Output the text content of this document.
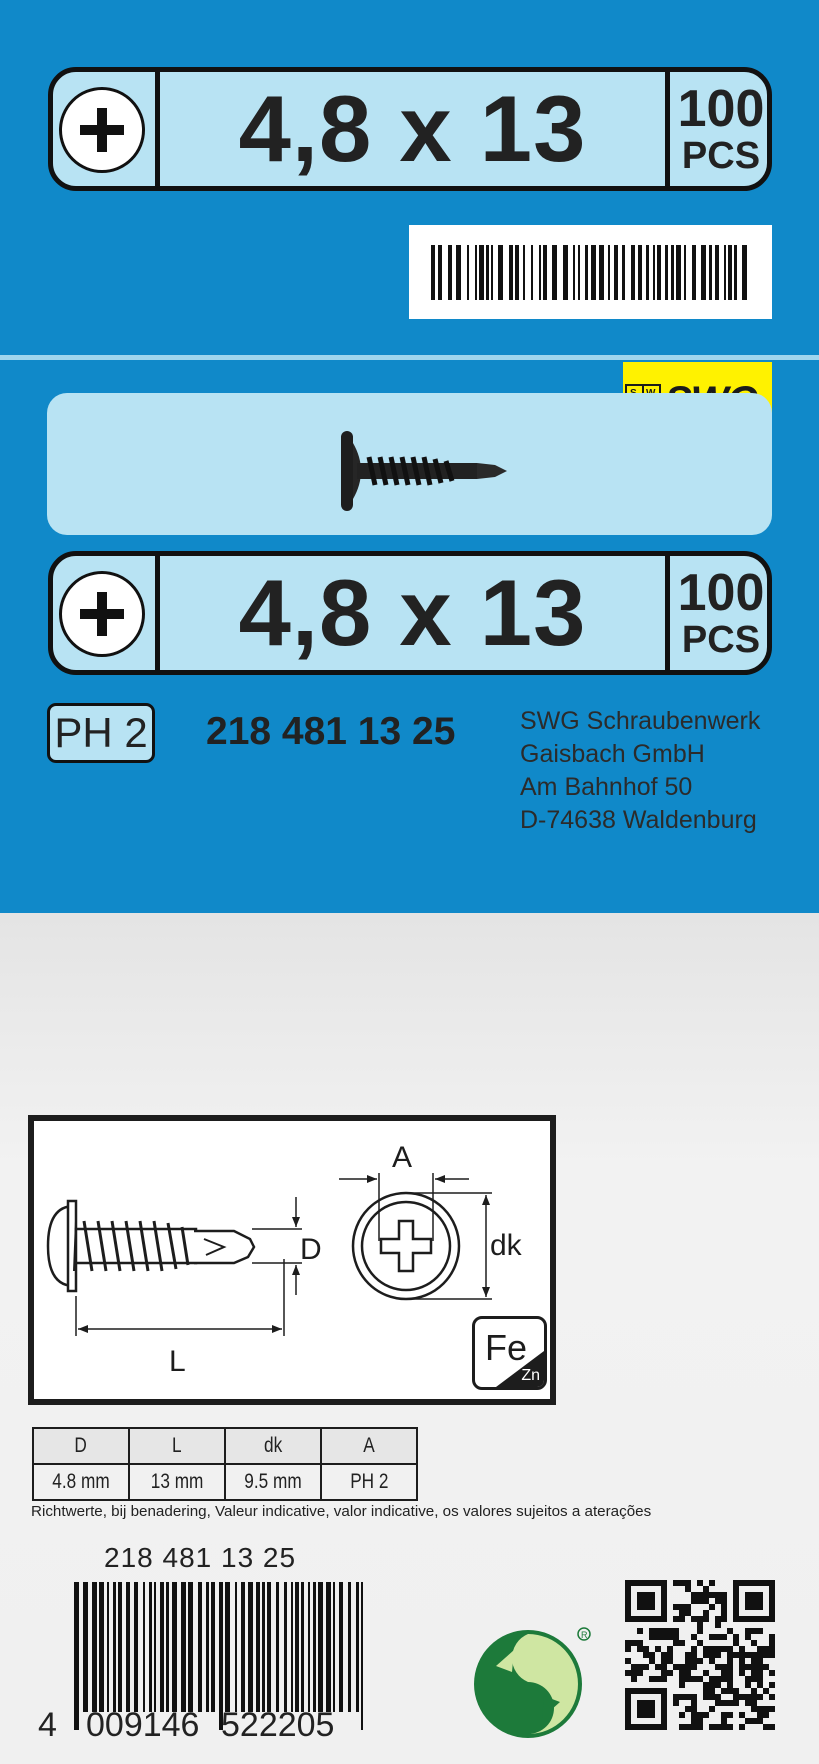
4,8 x 13	100
PCS
4,8 x 13	100
PCS
PH 2 218 481 13 25	SWG Schraubenwerk
Gaisbach GmbH
Am Bahnhof 50
D-74638 Waldenburg
L
D
A
dk
Fe
Zn
D	L	dk	A
4.8 mm	13 mm	9.5 mm	PH 2
Richtwerte, bij benadering, Valeur indicative, valor indicative, os valores sujeitos a aterações
218 481 13 25
4 009146 522205
R
